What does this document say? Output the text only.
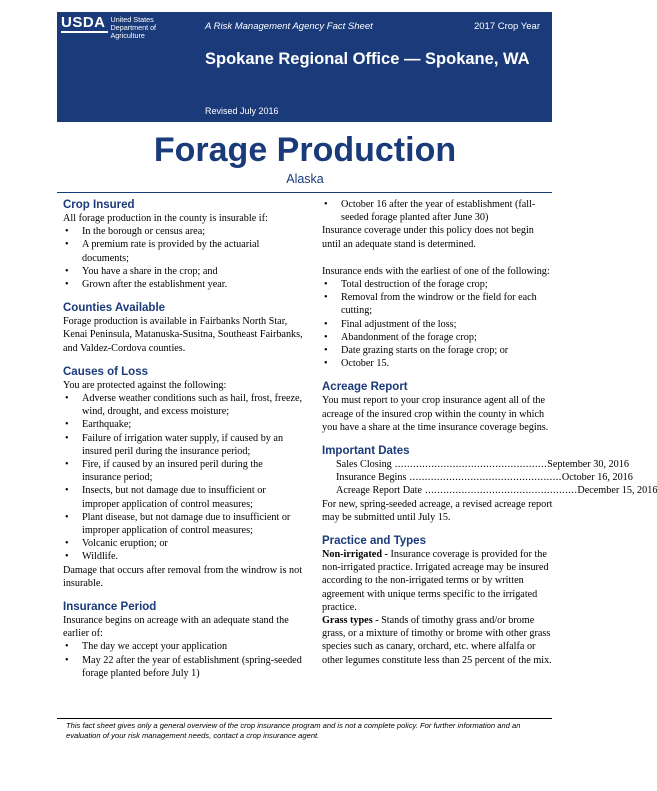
USDA United States
Department of
Agriculture
A Risk Management Agency Fact Sheet	2017 Crop Year
Spokane Regional Office — Spokane, WA
Revised July 2016
Forage Production
Alaska
Crop Insured

All forage production in the county is insurable if:

• In the borough or census area;
• A premium rate is provided by the actuarial documents;
• You have a share in the crop; and
• Grown after the establishment year.
Counties Available

Forage production is available in Fairbanks North Star, Kenai Peninsula, Matanuska-Susitna, Southeast Fairbanks, and Valdez-Cordova counties.

Causes of Loss

You are protected against the following:

• Adverse weather conditions such as hail, frost, freeze, wind, drought, and excess moisture;
• Earthquake;
• Failure of irrigation water supply, if caused by an insured peril during the insurance period;
• Fire, if caused by an insured peril during the insurance period;
• Insects, but not damage due to insufficient or improper application of control measures;
• Plant disease, but not damage due to insufficient or improper application of control measures;
• Volcanic eruption; or
• Wildlife.

Damage that occurs after removal from the windrow is not insurable.

Insurance Period

Insurance begins on acreage with an adequate stand the earlier of:

• The day we accept your application
• May 22 after the year of establishment (spring-seeded forage planted before July 1)
• October 16 after the year of establishment (fall-seeded forage planted after June 30)

Insurance coverage under this policy does not begin until an adequate stand is determined.

Insurance ends with the earliest of one of the following:

• Total destruction of the forage crop;
• Removal from the windrow or the field for each cutting;
• Final adjustment of the loss;
• Abandonment of the forage crop;
• Date grazing starts on the forage crop; or
• October 15.
Acreage Report

You must report to your crop insurance agent all of the acreage of the insured crop within the county in which you have a share at the time insurance coverage begins.

Important Dates
Sales Closing .................................................. September 30, 2016
Insurance Begins .................................................. October 16, 2016
Acreage Report Date .................................................. December 15, 2016

For new, spring-seeded acreage, a revised acreage report may be submitted until July 15.

Practice and Types

Non-irrigated - Insurance coverage is provided for the non-irrigated practice. Irrigated acreage may be insured according to the non-irrigated terms or by written agreement with unique terms specific to the irrigated practice.

Grass types - Stands of timothy grass and/or brome grass, or a mixture of timothy or brome with other grass species such as canary, orchard, etc. where alfalfa or other legumes constitute less than 25 percent of the mix.

This fact sheet gives only a general overview of the crop insurance program and is not a complete policy. For further information and an evaluation of your risk management needs, contact a crop insurance agent.
